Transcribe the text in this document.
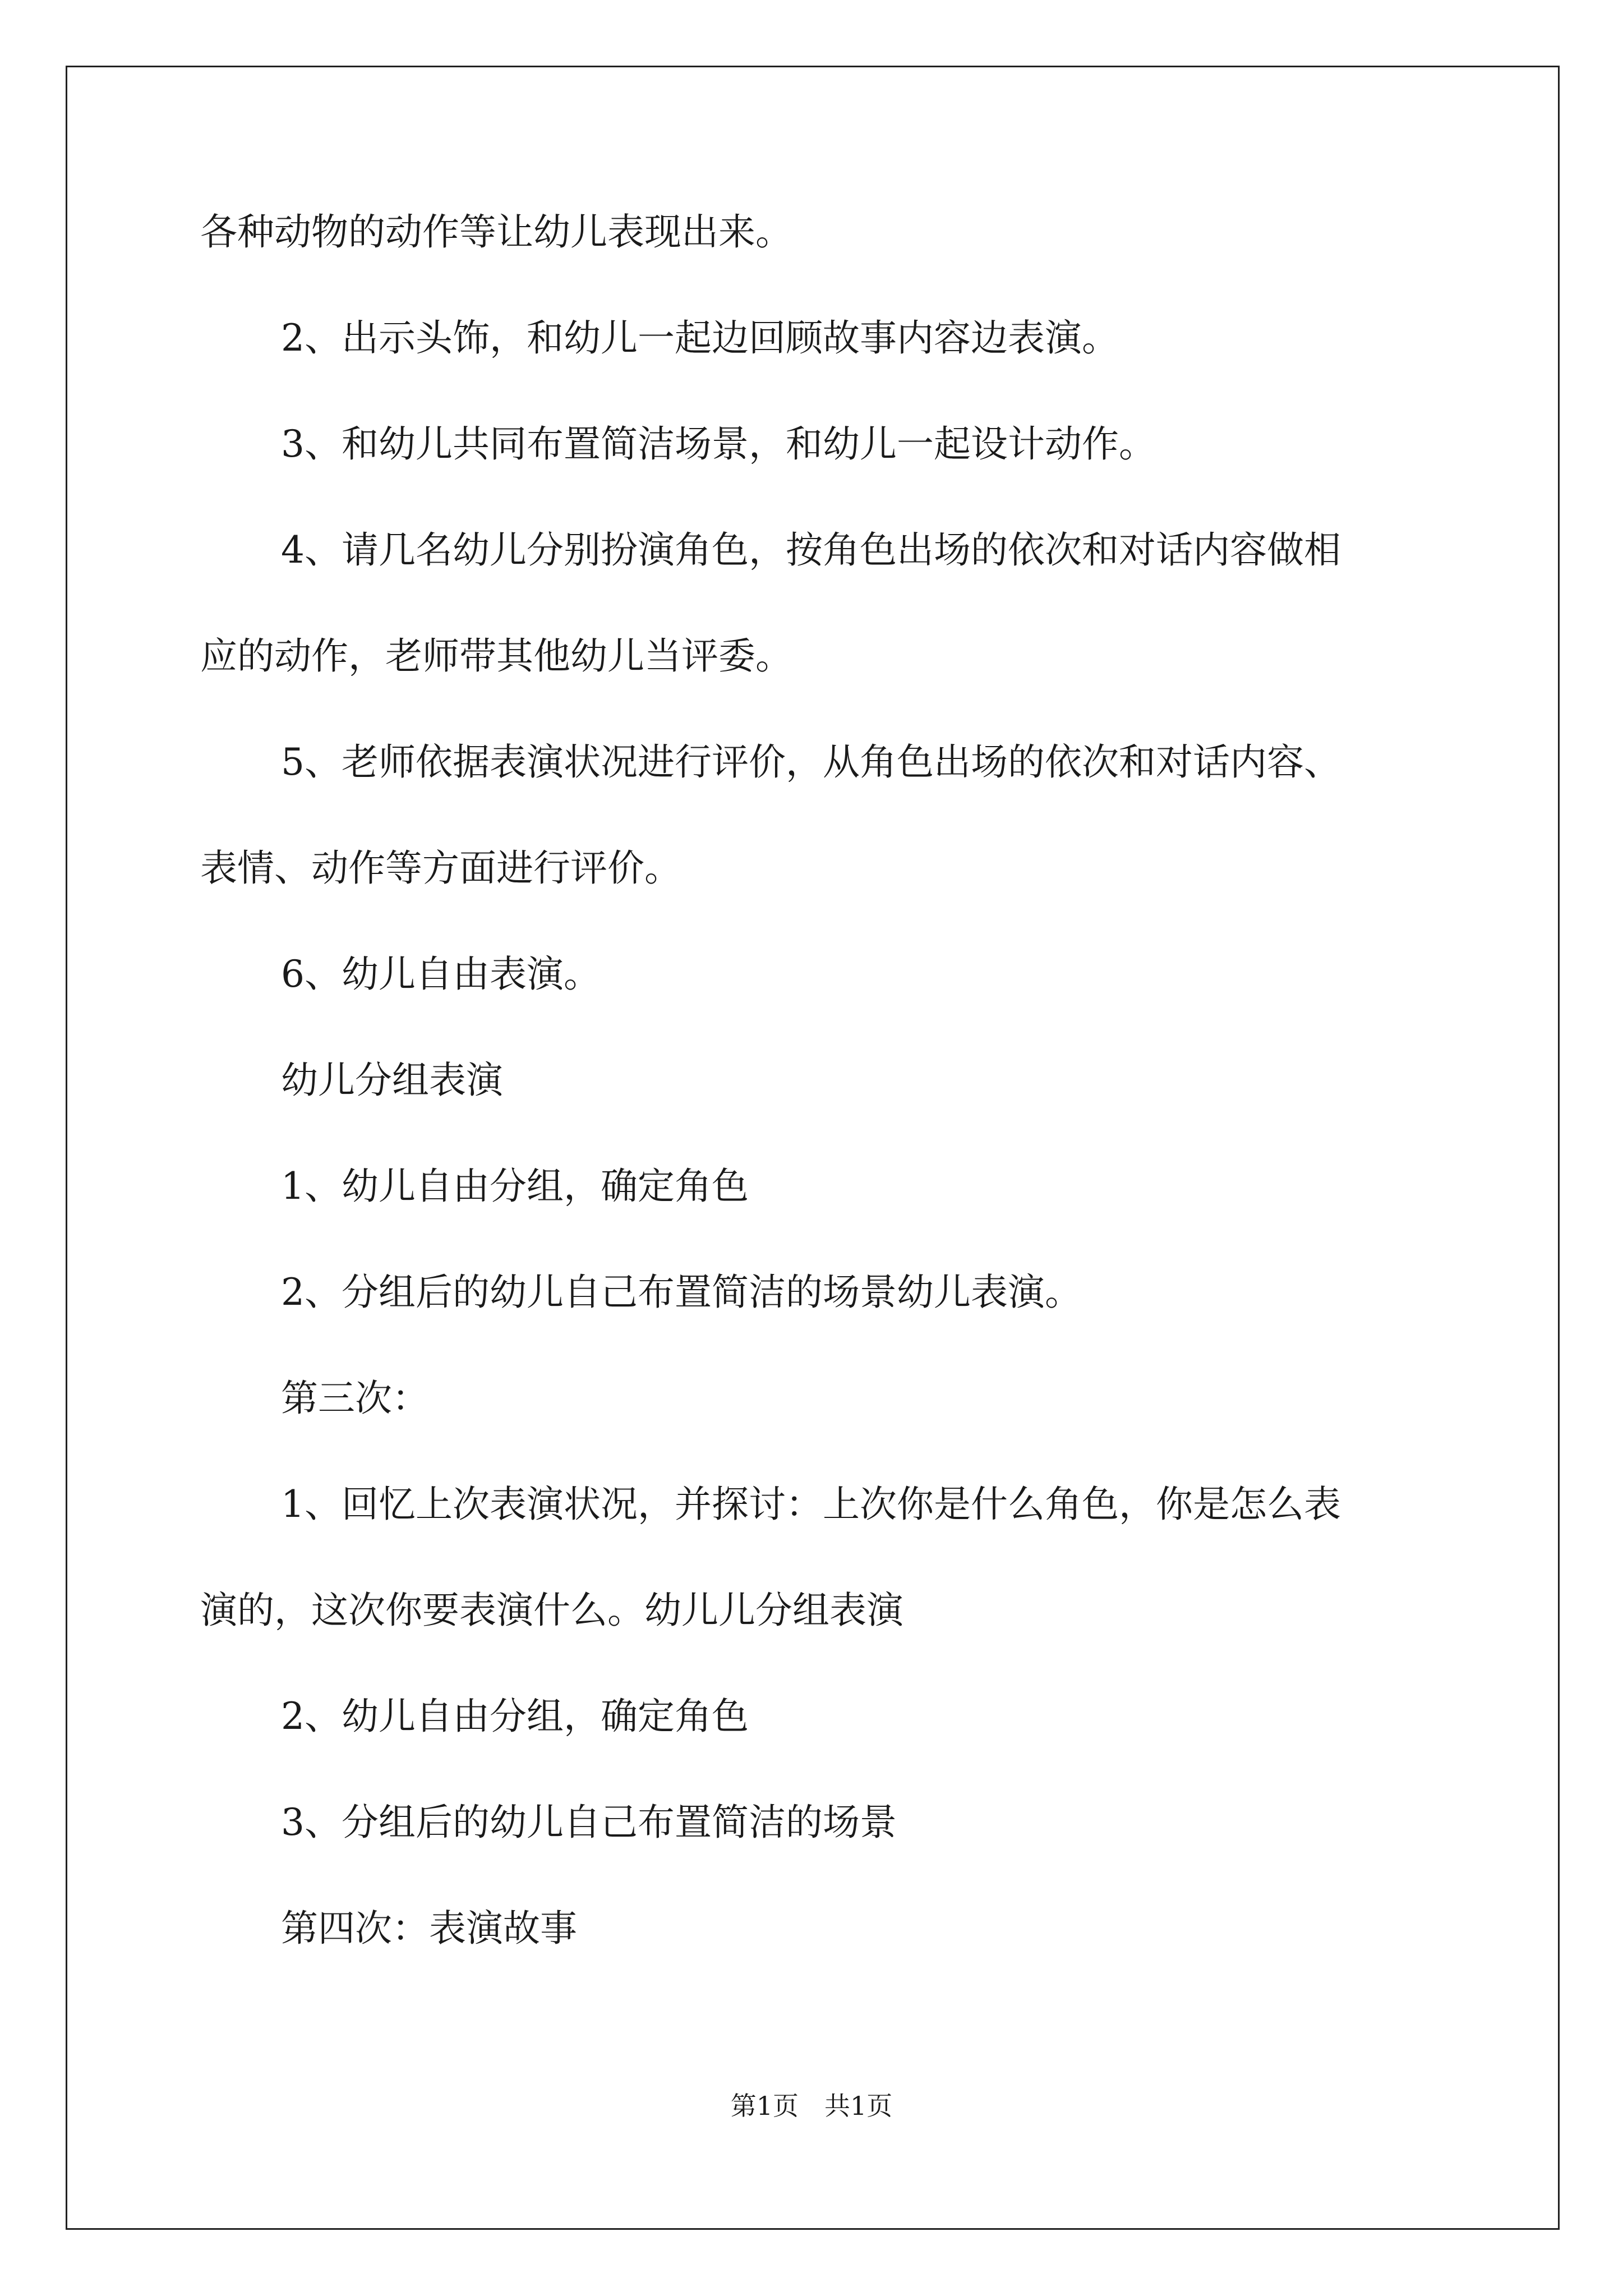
各种动物的动作等让幼儿表现出来。
2、出示头饰，和幼儿一起边回顾故事内容边表演。
3、和幼儿共同布置简洁场景，和幼儿一起设计动作。
4、请几名幼儿分别扮演角色，按角色出场的依次和对话内容做相
应的动作，老师带其他幼儿当评委。
5、老师依据表演状况进行评价，从角色出场的依次和对话内容、
表情、动作等方面进行评价。
6、幼儿自由表演。
幼儿分组表演
1、幼儿自由分组，确定角色
2、分组后的幼儿自己布置简洁的场景幼儿表演。
第三次：
1、回忆上次表演状况，并探讨：上次你是什么角色，你是怎么表
演的，这次你要表演什么。幼儿儿分组表演
2、幼儿自由分组，确定角色
3、分组后的幼儿自己布置简洁的场景
第四次：表演故事
第1页 共1页
